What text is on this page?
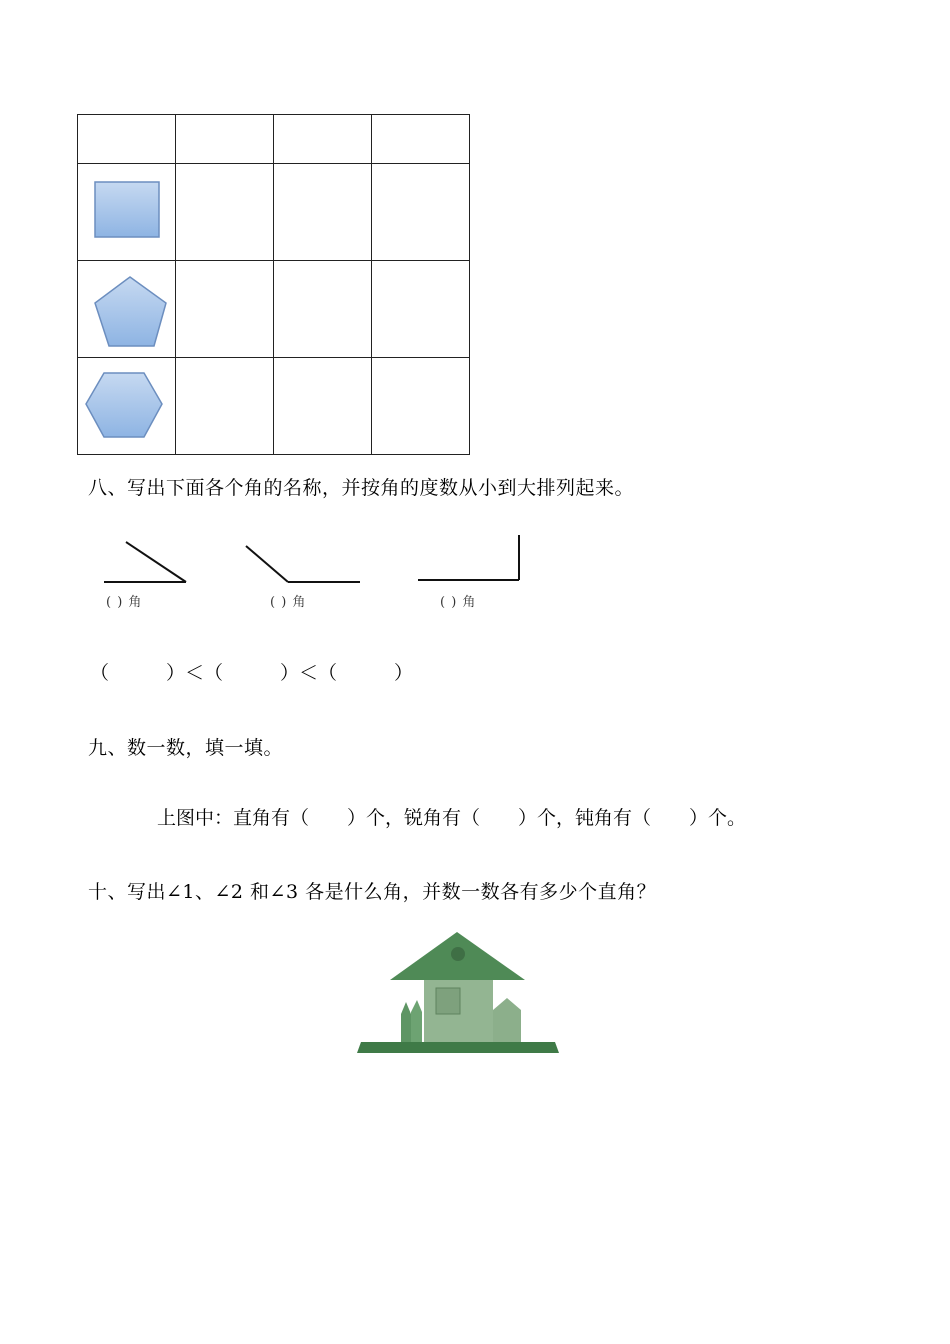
八、写出下面各个角的名称，并按角的度数从小到大排列起来。
( ) 角	( ) 角	( ) 角
（　　　）＜（　　　）＜（　　　）
九、数一数，填一填。
上图中：直角有（　　）个，锐角有（　　）个，钝角有（　　）个。
十、写出∠1、∠2 和∠3 各是什么角，并数一数各有多少个直角？
